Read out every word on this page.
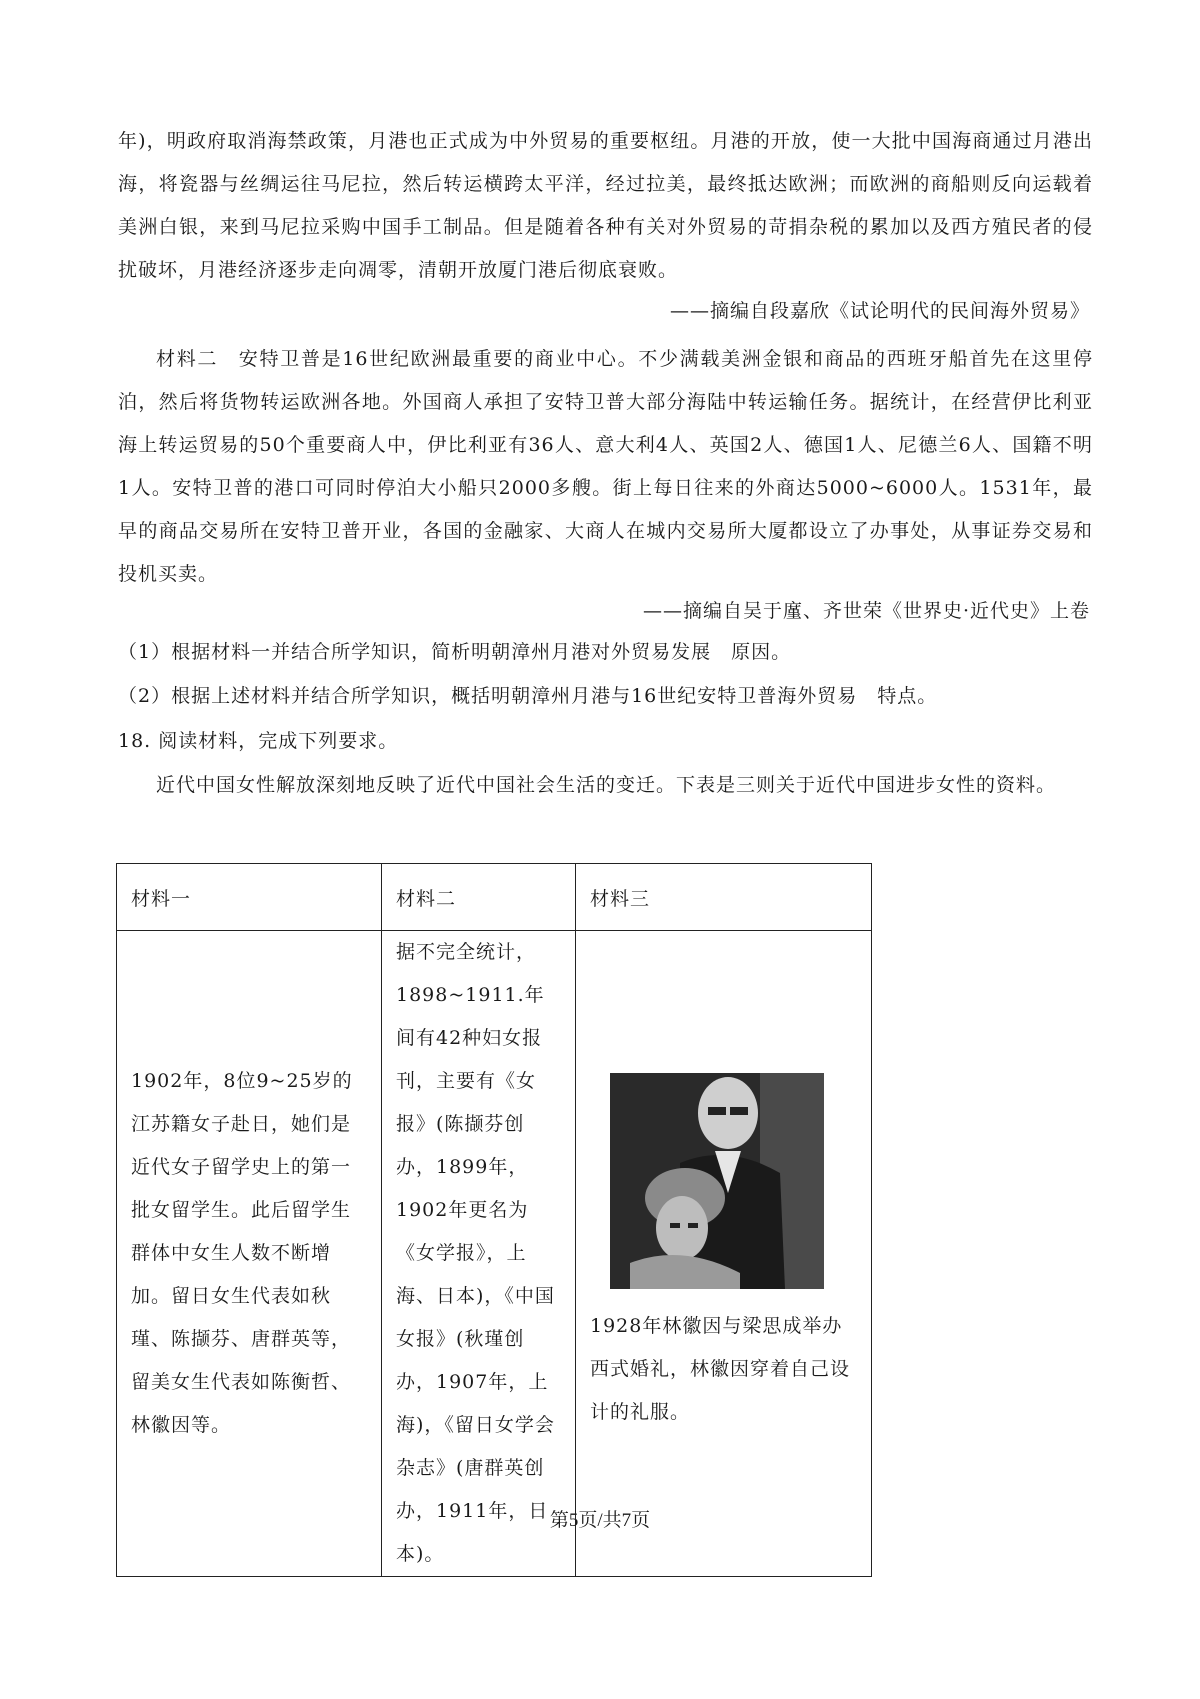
年)，明政府取消海禁政策，月港也正式成为中外贸易的重要枢纽。月港的开放，使一大批中国海商通过月港出海，将瓷器与丝绸运往马尼拉，然后转运横跨太平洋，经过拉美，最终抵达欧洲；而欧洲的商船则反向运载着美洲白银，来到马尼拉采购中国手工制品。但是随着各种有关对外贸易的苛捐杂税的累加以及西方殖民者的侵扰破坏，月港经济逐步走向凋零，清朝开放厦门港后彻底衰败。
——摘编自段嘉欣《试论明代的民间海外贸易》
材料二　安特卫普是16世纪欧洲最重要的商业中心。不少满载美洲金银和商品的西班牙船首先在这里停泊，然后将货物转运欧洲各地。外国商人承担了安特卫普大部分海陆中转运输任务。据统计，在经营伊比利亚海上转运贸易的50个重要商人中，伊比利亚有36人、意大利4人、英国2人、德国1人、尼德兰6人、国籍不明1人。安特卫普的港口可同时停泊大小船只2000多艘。街上每日往来的外商达5000~6000人。1531年，最早的商品交易所在安特卫普开业，各国的金融家、大商人在城内交易所大厦都设立了办事处，从事证券交易和投机买卖。
——摘编自吴于廑、齐世荣《世界史·近代史》上卷
（1）根据材料一并结合所学知识，简析明朝漳州月港对外贸易发展　原因。
（2）根据上述材料并结合所学知识，概括明朝漳州月港与16世纪安特卫普海外贸易　特点。
18. 阅读材料，完成下列要求。
近代中国女性解放深刻地反映了近代中国社会生活的变迁。下表是三则关于近代中国进步女性的资料。
材料一	材料二	材料三
1902年，8位9~25岁的江苏籍女子赴日，她们是近代女子留学史上的第一批女留学生。此后留学生群体中女生人数不断增加。留日女生代表如秋瑾、陈撷芬、唐群英等，留美女生代表如陈衡哲、林徽因等。	据不完全统计，1898~1911.年间有42种妇女报刊，主要有《女报》(陈撷芬创办，1899年，1902年更名为《女学报》，上海、日本)，《中国女报》(秋瑾创办，1907年，上海)，《留日女学会杂志》(唐群英创办，1911年，日本)。	1928年林徽因与梁思成举办西式婚礼，林徽因穿着自己设计的礼服。
第5页/共7页
